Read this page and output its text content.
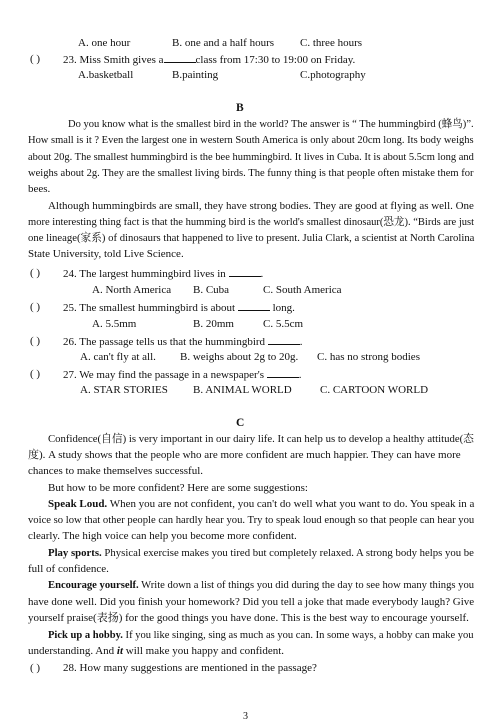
A. one hour	B. one and a half hours C. three hours
( ) 23. Miss Smith gives a	class from 17:30 to 19:00 on Friday.
A.basketball	B.painting	C.photography
B
Do you know what is the smallest bird in the world? The answer is “ The hummingbird (蜂鸟)”.
How small is it ? Even the largest one in western South America is only about 20cm long. Its body weighs
about 20g. The smallest hummingbird is the bee hummingbird. It lives in Cuba. It is about 5.5cm long and
weighs about 2g. They are the smallest living birds. The funny thing is that people often mistake them for
bees.
Although hummingbirds are small, they have strong bodies. They are good at flying as well. One
more interesting thing fact is that the humming bird is the world's smallest dinosaur(恐龙). “Birds are just
one lineage(家系) of dinosaurs that happened to live to present. Julia Clark, a scientist at North Carolina
State University, told Live Science.
( ) 24. The largest hummingbird lives in	.
A. North America B. Cuba	C. South America
( ) 25. The smallest hummingbird is about	long.
A. 5.5mm	B. 20mm	C. 5.5cm
( ) 26. The passage tells us that the hummingbird	.
A. can't fly at all. B. weighs about 2g to 20g. C. has no strong bodies
( ) 27. We may find the passage in a newspaper's	.
A. STAR STORIES B. ANIMAL WORLD	C. CARTOON WORLD
C
Confidence(自信) is very important in our dairy life. It can help us to develop a healthy attitude(态
度). A study shows that the people who are more confident are much happier. They can have more
chances to make themselves successful.
But how to be more confident? Here are some suggestions:
Speak Loud. When you are not confident, you can't do well what you want to do. You speak in a
voice so low that other people can hardly hear you. Try to speak loud enough so that people can hear you
clearly. The high voice can help you become more confident.
Play sports. Physical exercise makes you tired but completely relaxed. A strong body helps you be
full of confidence.
Encourage yourself. Write down a list of things you did during the day to see how many things you
have done well. Did you finish your homework? Did you tell a joke that made everybody laugh? Give
yourself praise(表扬) for the good things you have done. This is the best way to encourage yourself.
Pick up a hobby. If you like singing, sing as much as you can. In some ways, a hobby can make you
understanding. And it will make you happy and confident.
( ) 28. How many suggestions are mentioned in the passage?
3
